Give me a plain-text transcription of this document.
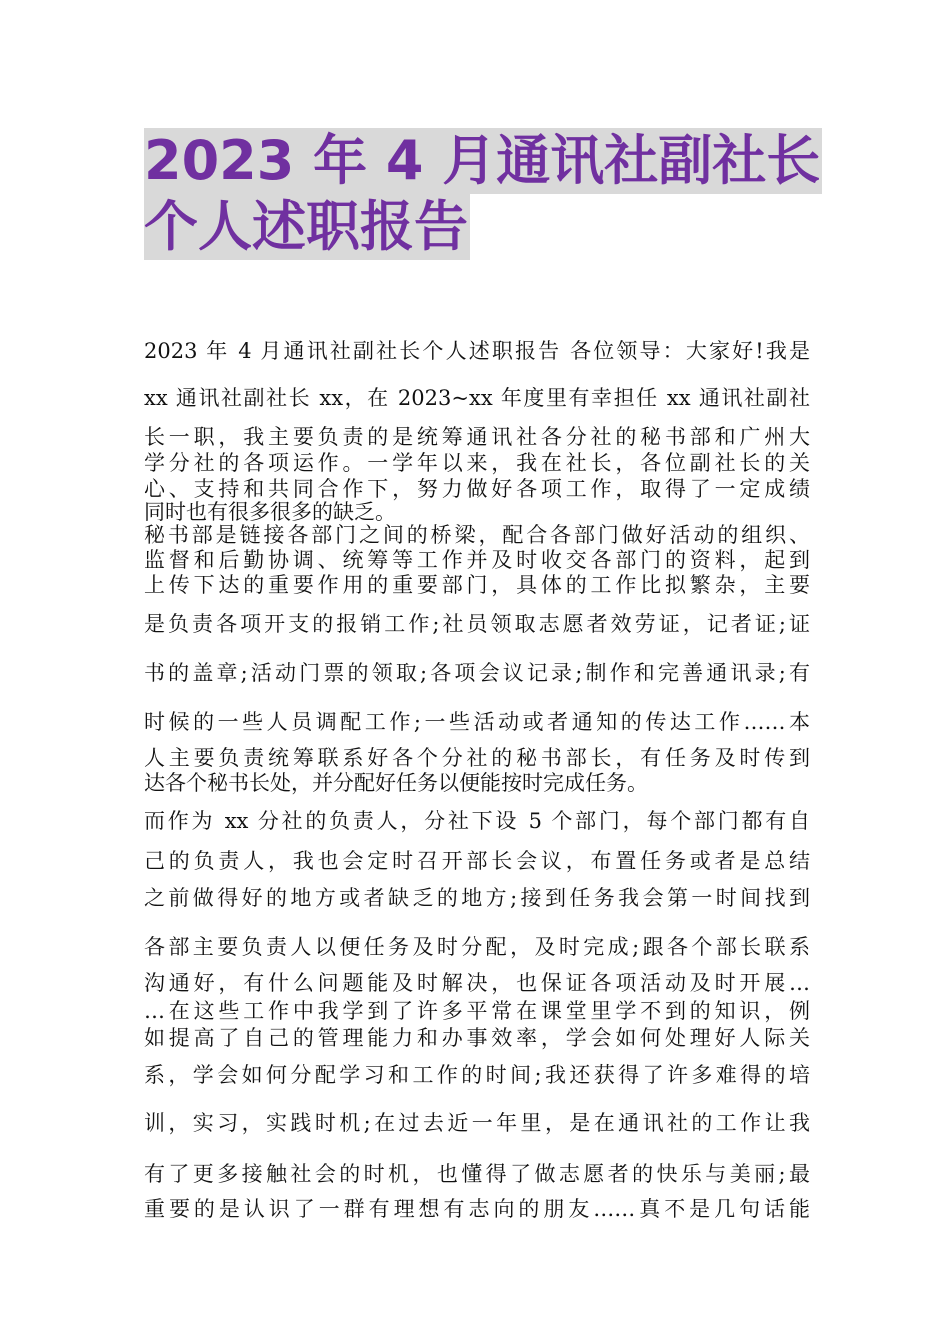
2023 年 4 月通讯社副社长
个人述职报告

2023 年 4 月通讯社副社长个人述职报告 各位领导：大家好!我是

xx 通讯社副社长 xx，在 2023~xx 年度里有幸担任 xx 通讯社副社

长一职，我主要负责的是统筹通讯社各分社的秘书部和广州大

学分社的各项运作。一学年以来，我在社长，各位副社长的关

心、支持和共同合作下，努力做好各项工作，取得了一定成绩

同时也有很多很多的缺乏。

秘书部是链接各部门之间的桥梁，配合各部门做好活动的组织、

监督和后勤协调、统筹等工作并及时收交各部门的资料，起到

上传下达的重要作用的重要部门，具体的工作比拟繁杂，主要

是负责各项开支的报销工作;社员领取志愿者效劳证，记者证;证

书的盖章;活动门票的领取;各项会议记录;制作和完善通讯录;有

时候的一些人员调配工作;一些活动或者通知的传达工作……本

人主要负责统筹联系好各个分社的秘书部长，有任务及时传到

达各个秘书长处，并分配好任务以便能按时完成任务。

而作为 xx 分社的负责人，分社下设 5 个部门，每个部门都有自

己的负责人，我也会定时召开部长会议，布置任务或者是总结

之前做得好的地方或者缺乏的地方;接到任务我会第一时间找到

各部主要负责人以便任务及时分配，及时完成;跟各个部长联系

沟通好，有什么问题能及时解决，也保证各项活动及时开展…

…在这些工作中我学到了许多平常在课堂里学不到的知识，例

如提高了自己的管理能力和办事效率，学会如何处理好人际关

系，学会如何分配学习和工作的时间;我还获得了许多难得的培

训，实习，实践时机;在过去近一年里，是在通讯社的工作让我

有了更多接触社会的时机，也懂得了做志愿者的快乐与美丽;最

重要的是认识了一群有理想有志向的朋友……真不是几句话能
